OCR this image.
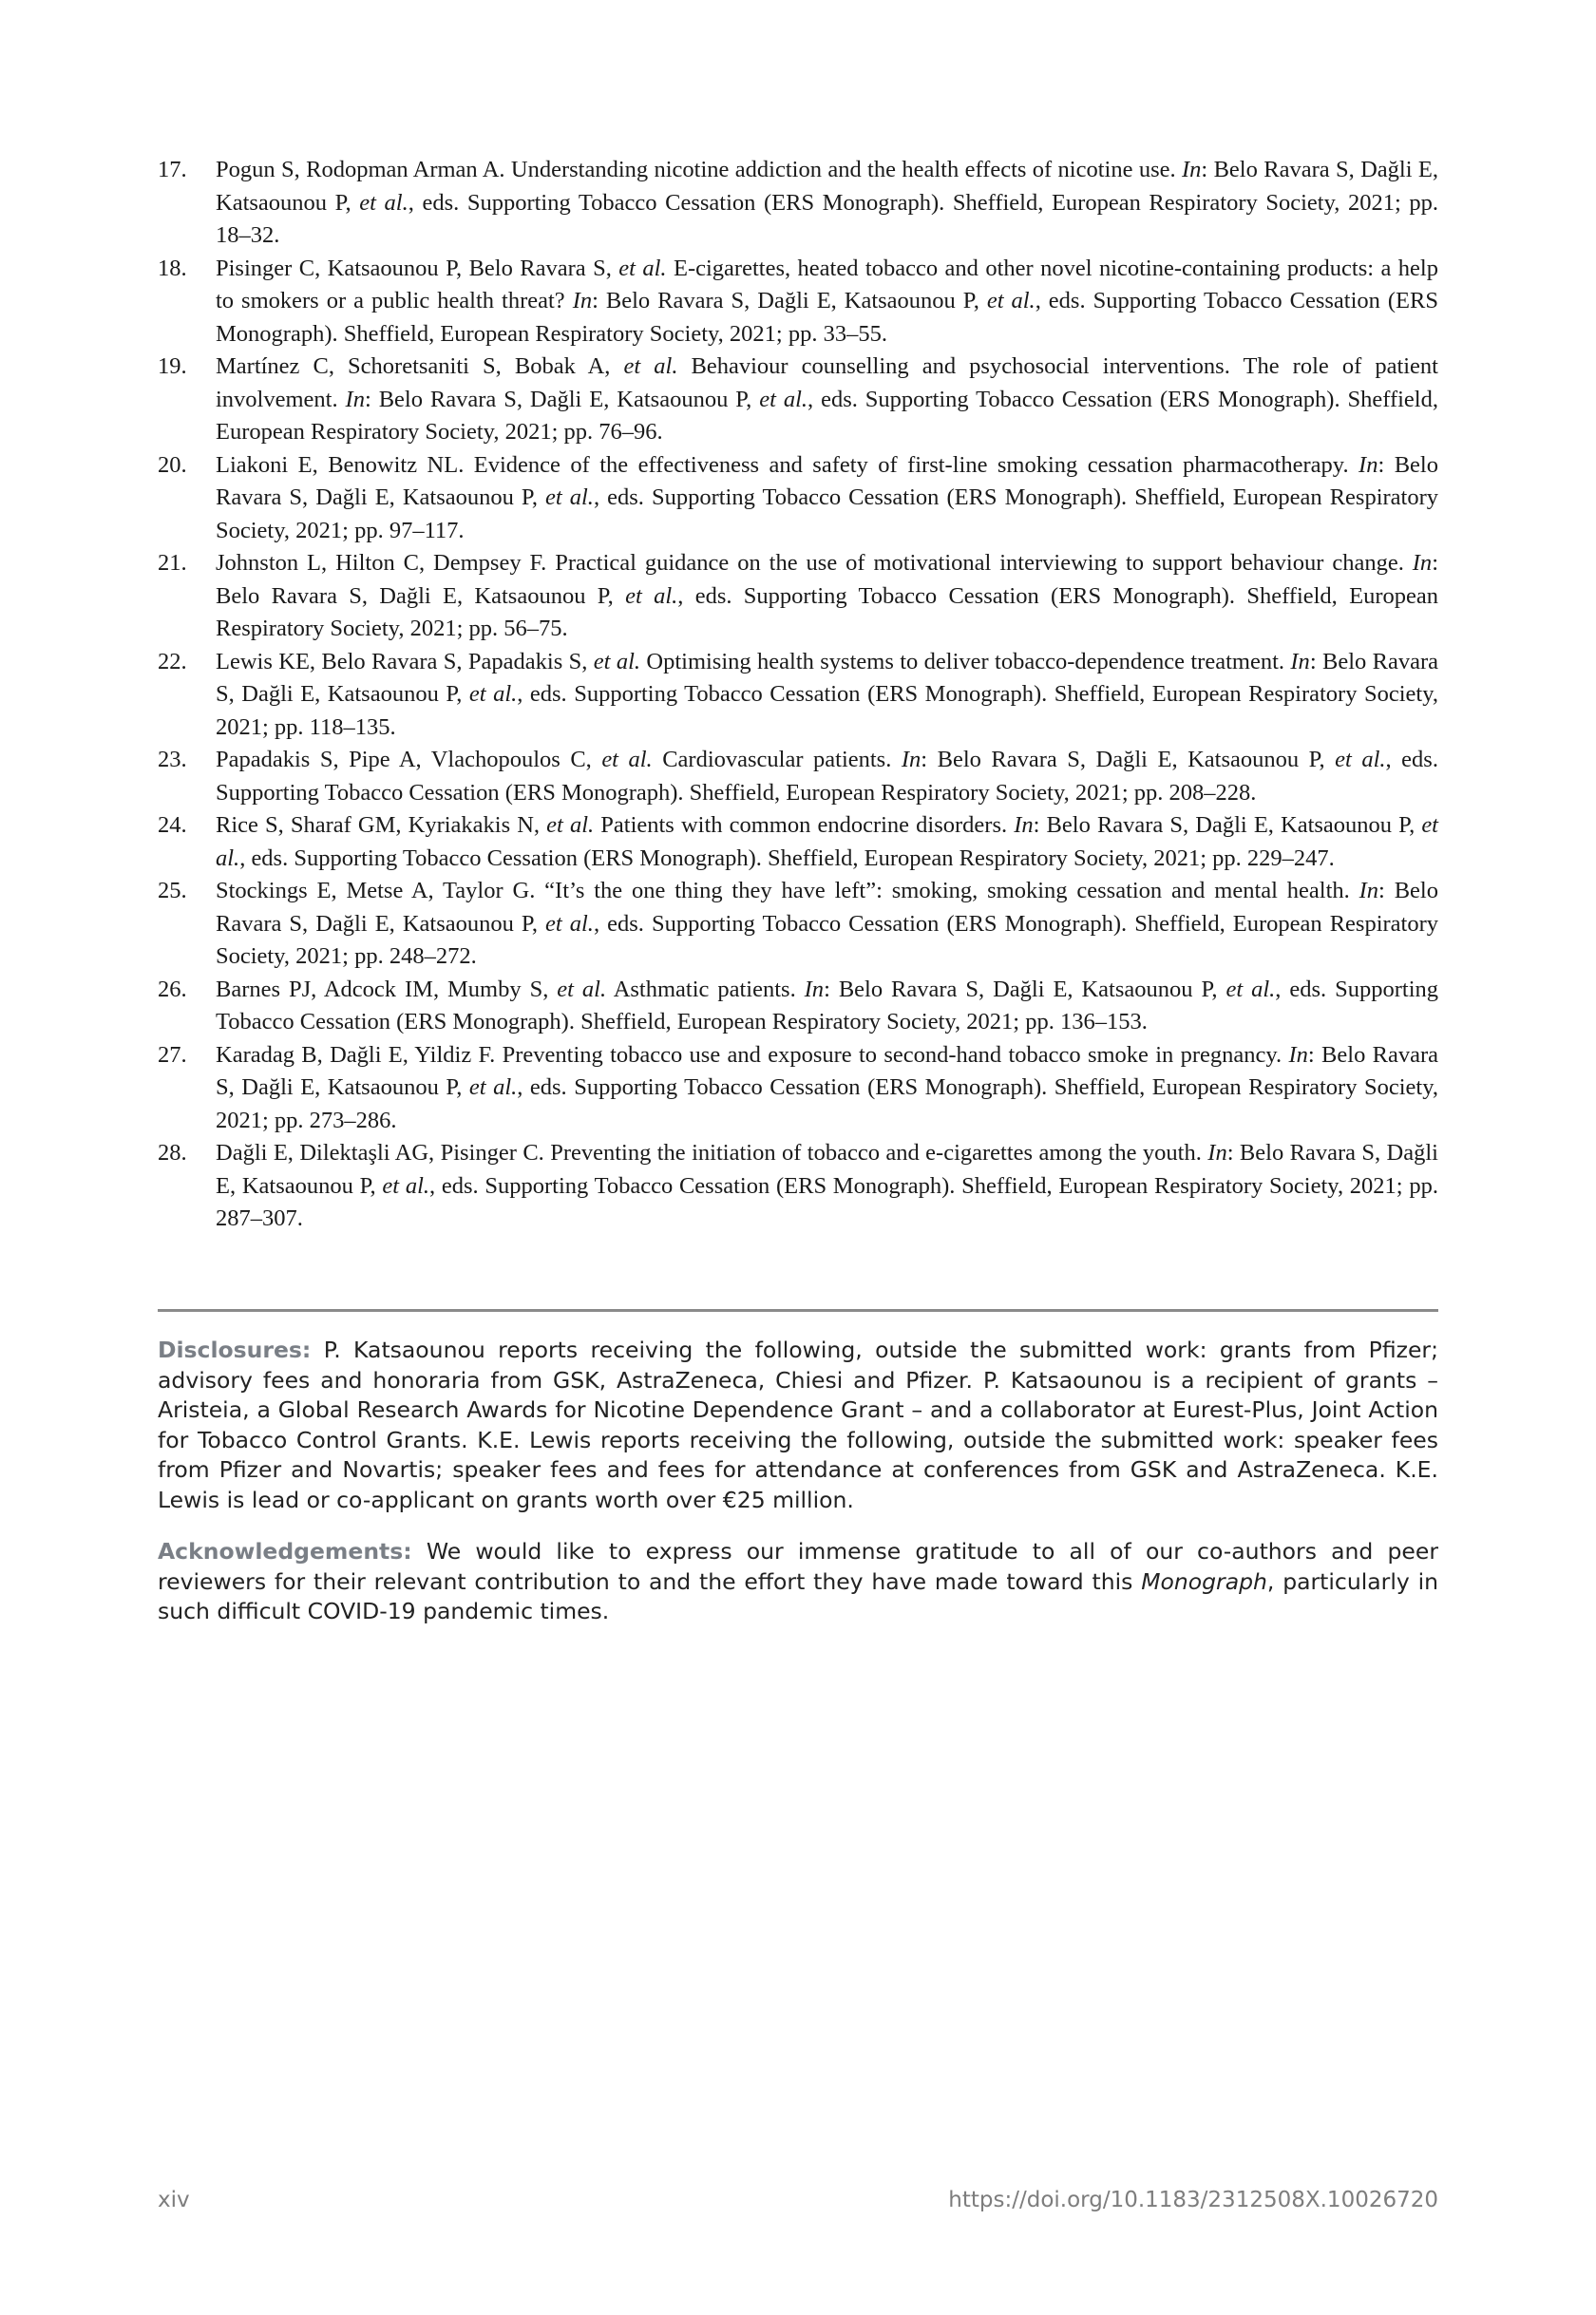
17. Pogun S, Rodopman Arman A. Understanding nicotine addiction and the health effects of nicotine use. In: Belo Ravara S, Dağli E, Katsaounou P, et al., eds. Supporting Tobacco Cessation (ERS Monograph). Sheffield, European Respiratory Society, 2021; pp. 18–32.
18. Pisinger C, Katsaounou P, Belo Ravara S, et al. E-cigarettes, heated tobacco and other novel nicotine-containing products: a help to smokers or a public health threat? In: Belo Ravara S, Dağli E, Katsaounou P, et al., eds. Supporting Tobacco Cessation (ERS Monograph). Sheffield, European Respiratory Society, 2021; pp. 33–55.
19. Martínez C, Schoretsaniti S, Bobak A, et al. Behaviour counselling and psychosocial interventions. The role of patient involvement. In: Belo Ravara S, Dağli E, Katsaounou P, et al., eds. Supporting Tobacco Cessation (ERS Monograph). Sheffield, European Respiratory Society, 2021; pp. 76–96.
20. Liakoni E, Benowitz NL. Evidence of the effectiveness and safety of first-line smoking cessation pharmacotherapy. In: Belo Ravara S, Dağli E, Katsaounou P, et al., eds. Supporting Tobacco Cessation (ERS Monograph). Sheffield, European Respiratory Society, 2021; pp. 97–117.
21. Johnston L, Hilton C, Dempsey F. Practical guidance on the use of motivational interviewing to support behaviour change. In: Belo Ravara S, Dağli E, Katsaounou P, et al., eds. Supporting Tobacco Cessation (ERS Monograph). Sheffield, European Respiratory Society, 2021; pp. 56–75.
22. Lewis KE, Belo Ravara S, Papadakis S, et al. Optimising health systems to deliver tobacco-dependence treatment. In: Belo Ravara S, Dağli E, Katsaounou P, et al., eds. Supporting Tobacco Cessation (ERS Monograph). Sheffield, European Respiratory Society, 2021; pp. 118–135.
23. Papadakis S, Pipe A, Vlachopoulos C, et al. Cardiovascular patients. In: Belo Ravara S, Dağli E, Katsaounou P, et al., eds. Supporting Tobacco Cessation (ERS Monograph). Sheffield, European Respiratory Society, 2021; pp. 208–228.
24. Rice S, Sharaf GM, Kyriakakis N, et al. Patients with common endocrine disorders. In: Belo Ravara S, Dağli E, Katsaounou P, et al., eds. Supporting Tobacco Cessation (ERS Monograph). Sheffield, European Respiratory Society, 2021; pp. 229–247.
25. Stockings E, Metse A, Taylor G. “It’s the one thing they have left”: smoking, smoking cessation and mental health. In: Belo Ravara S, Dağli E, Katsaounou P, et al., eds. Supporting Tobacco Cessation (ERS Monograph). Sheffield, European Respiratory Society, 2021; pp. 248–272.
26. Barnes PJ, Adcock IM, Mumby S, et al. Asthmatic patients. In: Belo Ravara S, Dağli E, Katsaounou P, et al., eds. Supporting Tobacco Cessation (ERS Monograph). Sheffield, European Respiratory Society, 2021; pp. 136–153.
27. Karadag B, Dağli E, Yildiz F. Preventing tobacco use and exposure to second-hand tobacco smoke in pregnancy. In: Belo Ravara S, Dağli E, Katsaounou P, et al., eds. Supporting Tobacco Cessation (ERS Monograph). Sheffield, European Respiratory Society, 2021; pp. 273–286.
28. Dağli E, Dilektaşli AG, Pisinger C. Preventing the initiation of tobacco and e-cigarettes among the youth. In: Belo Ravara S, Dağli E, Katsaounou P, et al., eds. Supporting Tobacco Cessation (ERS Monograph). Sheffield, European Respiratory Society, 2021; pp. 287–307.
Disclosures: P. Katsaounou reports receiving the following, outside the submitted work: grants from Pfizer; advisory fees and honoraria from GSK, AstraZeneca, Chiesi and Pfizer. P. Katsaounou is a recipient of grants – Aristeia, a Global Research Awards for Nicotine Dependence Grant – and a collaborator at Eurest-Plus, Joint Action for Tobacco Control Grants. K.E. Lewis reports receiving the following, outside the submitted work: speaker fees from Pfizer and Novartis; speaker fees and fees for attendance at conferences from GSK and AstraZeneca. K.E. Lewis is lead or co-applicant on grants worth over €25 million.
Acknowledgements: We would like to express our immense gratitude to all of our co-authors and peer reviewers for their relevant contribution to and the effort they have made toward this Monograph, particularly in such difficult COVID-19 pandemic times.
xiv	https://doi.org/10.1183/2312508X.10026720
